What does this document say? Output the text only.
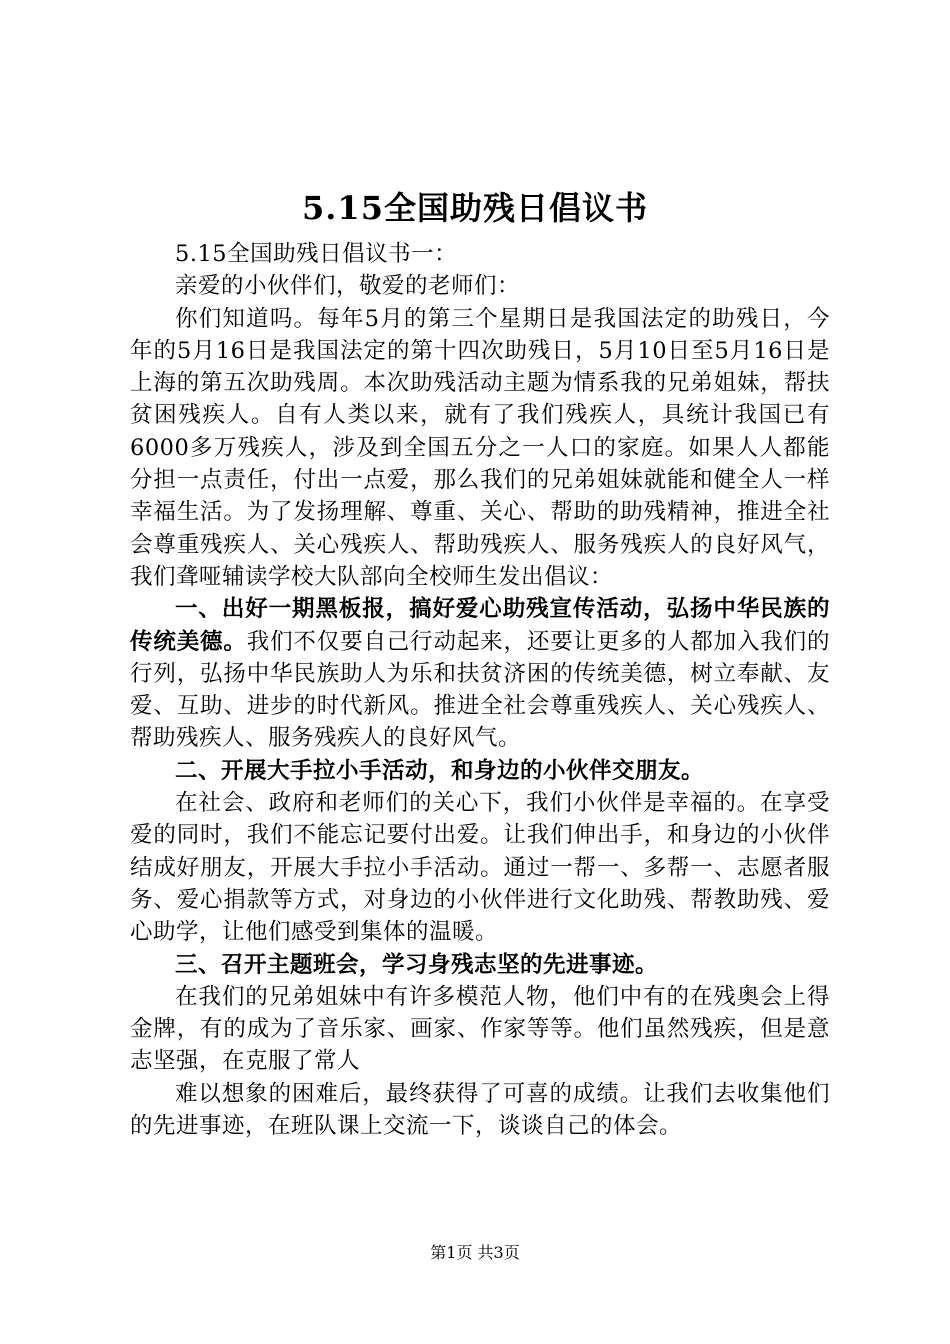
5.15全国助残日倡议书

5.15全国助残日倡议书一：

亲爱的小伙伴们，敬爱的老师们：

你们知道吗。每年5月的第三个星期日是我国法定的助残日，今年的5月16日是我国法定的第十四次助残日，5月10日至5月16日是上海的第五次助残周。本次助残活动主题为情系我的兄弟姐妹，帮扶贫困残疾人。自有人类以来，就有了我们残疾人，具统计我国已有6000多万残疾人，涉及到全国五分之一人口的家庭。如果人人都能分担一点责任，付出一点爱，那么我们的兄弟姐妹就能和健全人一样幸福生活。为了发扬理解、尊重、关心、帮助的助残精神，推进全社会尊重残疾人、关心残疾人、帮助残疾人、服务残疾人的良好风气，我们聋哑辅读学校大队部向全校师生发出倡议：

一、出好一期黑板报，搞好爱心助残宣传活动，弘扬中华民族的传统美德。我们不仅要自己行动起来，还要让更多的人都加入我们的行列，弘扬中华民族助人为乐和扶贫济困的传统美德，树立奉献、友爱、互助、进步的时代新风。推进全社会尊重残疾人、关心残疾人、帮助残疾人、服务残疾人的良好风气。

二、开展大手拉小手活动，和身边的小伙伴交朋友。

在社会、政府和老师们的关心下，我们小伙伴是幸福的。在享受爱的同时，我们不能忘记要付出爱。让我们伸出手，和身边的小伙伴结成好朋友，开展大手拉小手活动。通过一帮一、多帮一、志愿者服务、爱心捐款等方式，对身边的小伙伴进行文化助残、帮教助残、爱心助学，让他们感受到集体的温暖。

三、召开主题班会，学习身残志坚的先进事迹。

在我们的兄弟姐妹中有许多模范人物，他们中有的在残奥会上得金牌，有的成为了音乐家、画家、作家等等。他们虽然残疾，但是意志坚强，在克服了常人

难以想象的困难后，最终获得了可喜的成绩。让我们去收集他们的先进事迹，在班队课上交流一下，谈谈自己的体会。

第1页 共3页
